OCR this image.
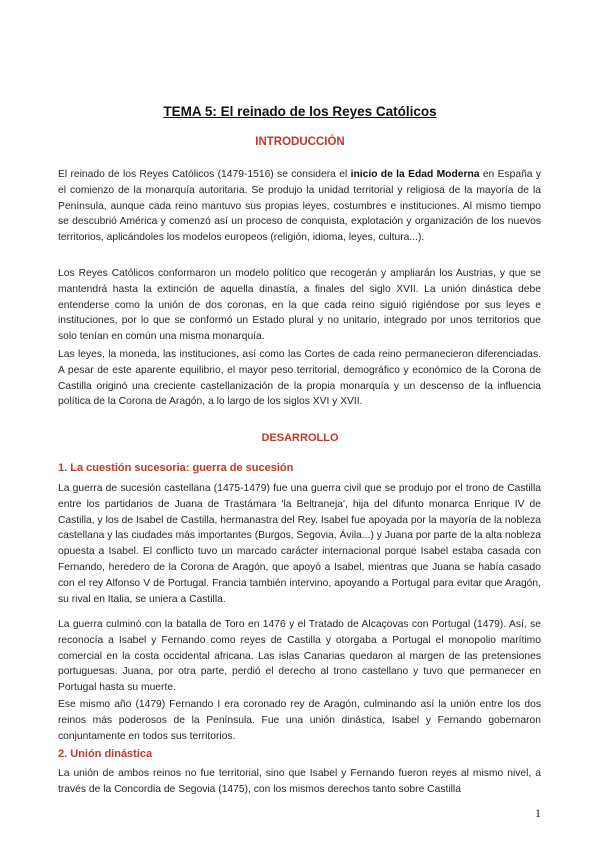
TEMA 5: El reinado de los Reyes Católicos
INTRODUCCIÓN

El reinado de los Reyes Católicos (1479-1516) se considera el inicio de la Edad Moderna en España y el comienzo de la monarquía autoritaria. Se produjo la unidad territorial y religiosa de la mayoría de la Península, aunque cada reino mantuvo sus propias leyes, costumbres e instituciones. Al mismo tiempo se descubrió América y comenzó así un proceso de conquista, explotación y organización de los nuevos territorios, aplicándoles los modelos europeos (religión, idioma, leyes, cultura...).

Los Reyes Católicos conformaron un modelo político que recogerán y ampliarán los Austrias, y que se mantendrá hasta la extinción de aquella dinastía, a finales del siglo XVII. La unión dinástica debe entenderse como la unión de dos coronas, en la que cada reino siguió rigiéndose por sus leyes e instituciones, por lo que se conformó un Estado plural y no unitario, integrado por unos territorios que solo tenían en común una misma monarquía.

Las leyes, la moneda, las instituciones, así como las Cortes de cada reino permanecieron diferenciadas. A pesar de este aparente equilibrio, el mayor peso territorial, demográfico y económico de la Corona de Castilla originó una creciente castellanización de la propia monarquía y un descenso de la influencia política de la Corona de Aragón, a lo largo de los siglos XVI y XVII.

DESARROLLO
1. La cuestión sucesoria: guerra de sucesión

La guerra de sucesión castellana (1475-1479) fue una guerra civil que se produjo por el trono de Castilla entre los partidarios de Juana de Trastámara 'la Beltraneja', hija del difunto monarca Enrique IV de Castilla, y los de Isabel de Castilla, hermanastra del Rey. Isabel fue apoyada por la mayoría de la nobleza castellana y las ciudades más importantes (Burgos, Segovia, Ávila...) y Juana por parte de la alta nobleza opuesta a Isabel. El conflicto tuvo un marcado carácter internacional porque Isabel estaba casada con Fernando, heredero de la Corona de Aragón, que apoyó a Isabel, mientras que Juana se había casado con el rey Alfonso V de Portugal. Francia también intervino, apoyando a Portugal para evitar que Aragón, su rival en Italia, se uniera a Castilla.

La guerra culminó con la batalla de Toro en 1476 y el Tratado de Alcaçovas con Portugal (1479). Así, se reconocía a Isabel y Fernando como reyes de Castilla y otorgaba a Portugal el monopolio marítimo comercial en la costa occidental africana. Las islas Canarias quedaron al margen de las pretensiones portuguesas. Juana, por otra parte, perdió el derecho al trono castellano y tuvo que permanecer en Portugal hasta su muerte.

Ese mismo año (1479) Fernando I era coronado rey de Aragón, culminando así la unión entre los dos reinos más poderosos de la Península. Fue una unión dinástica, Isabel y Fernando gobernaron conjuntamente en todos sus territorios.

2. Unión dinástica

La unión de ambos reinos no fue territorial, sino que Isabel y Fernando fueron reyes al mismo nivel, a través de la Concordia de Segovia (1475), con los mismos derechos tanto sobre Castilla

1
